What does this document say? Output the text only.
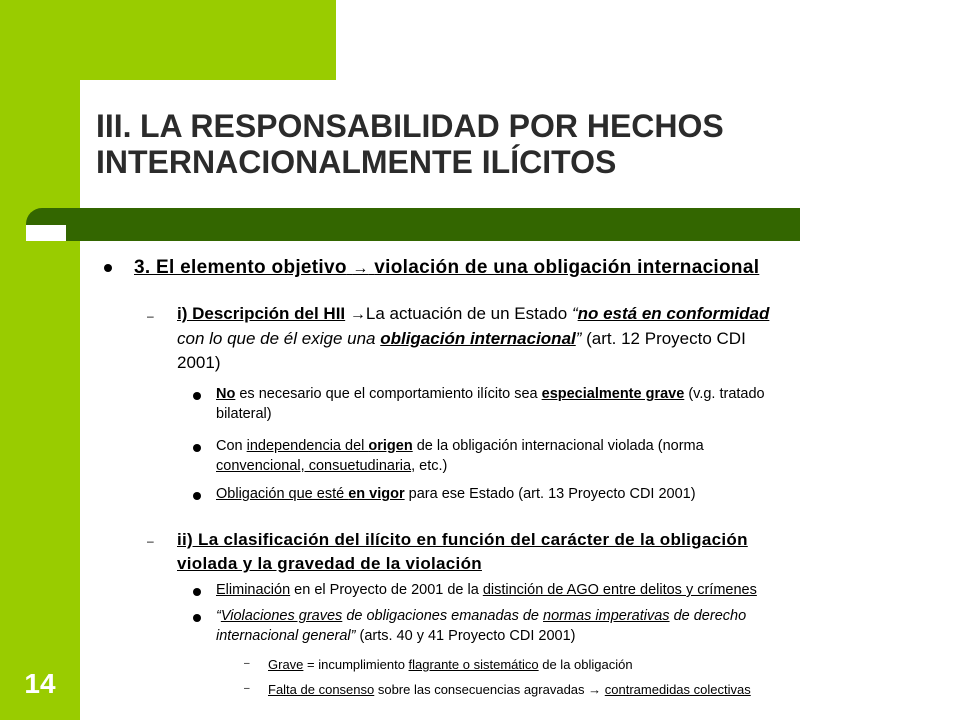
III. LA RESPONSABILIDAD POR HECHOS
INTERNACIONALMENTE ILÍCITOS
14
3. El elemento objetivo → violación de una obligación internacional
– i) Descripción del HII →La actuación de un Estado “no está en conformidad
con lo que de él exige una obligación internacional” (art. 12 Proyecto CDI
2001)
No es necesario que el comportamiento ilícito sea especialmente grave (v.g. tratado
bilateral)
Con independencia del origen de la obligación internacional violada (norma
convencional, consuetudinaria, etc.)
Obligación que esté en vigor para ese Estado (art. 13 Proyecto CDI 2001)
– ii) La clasificación del ilícito en función del carácter de la obligación
violada y la gravedad de la violación
Eliminación en el Proyecto de 2001 de la distinción de AGO entre delitos y crímenes
“Violaciones graves de obligaciones emanadas de normas imperativas de derecho
internacional general” (arts. 40 y 41 Proyecto CDI 2001)
– Grave = incumplimiento flagrante o sistemático de la obligación
– Falta de consenso sobre las consecuencias agravadas → contramedidas colectivas
